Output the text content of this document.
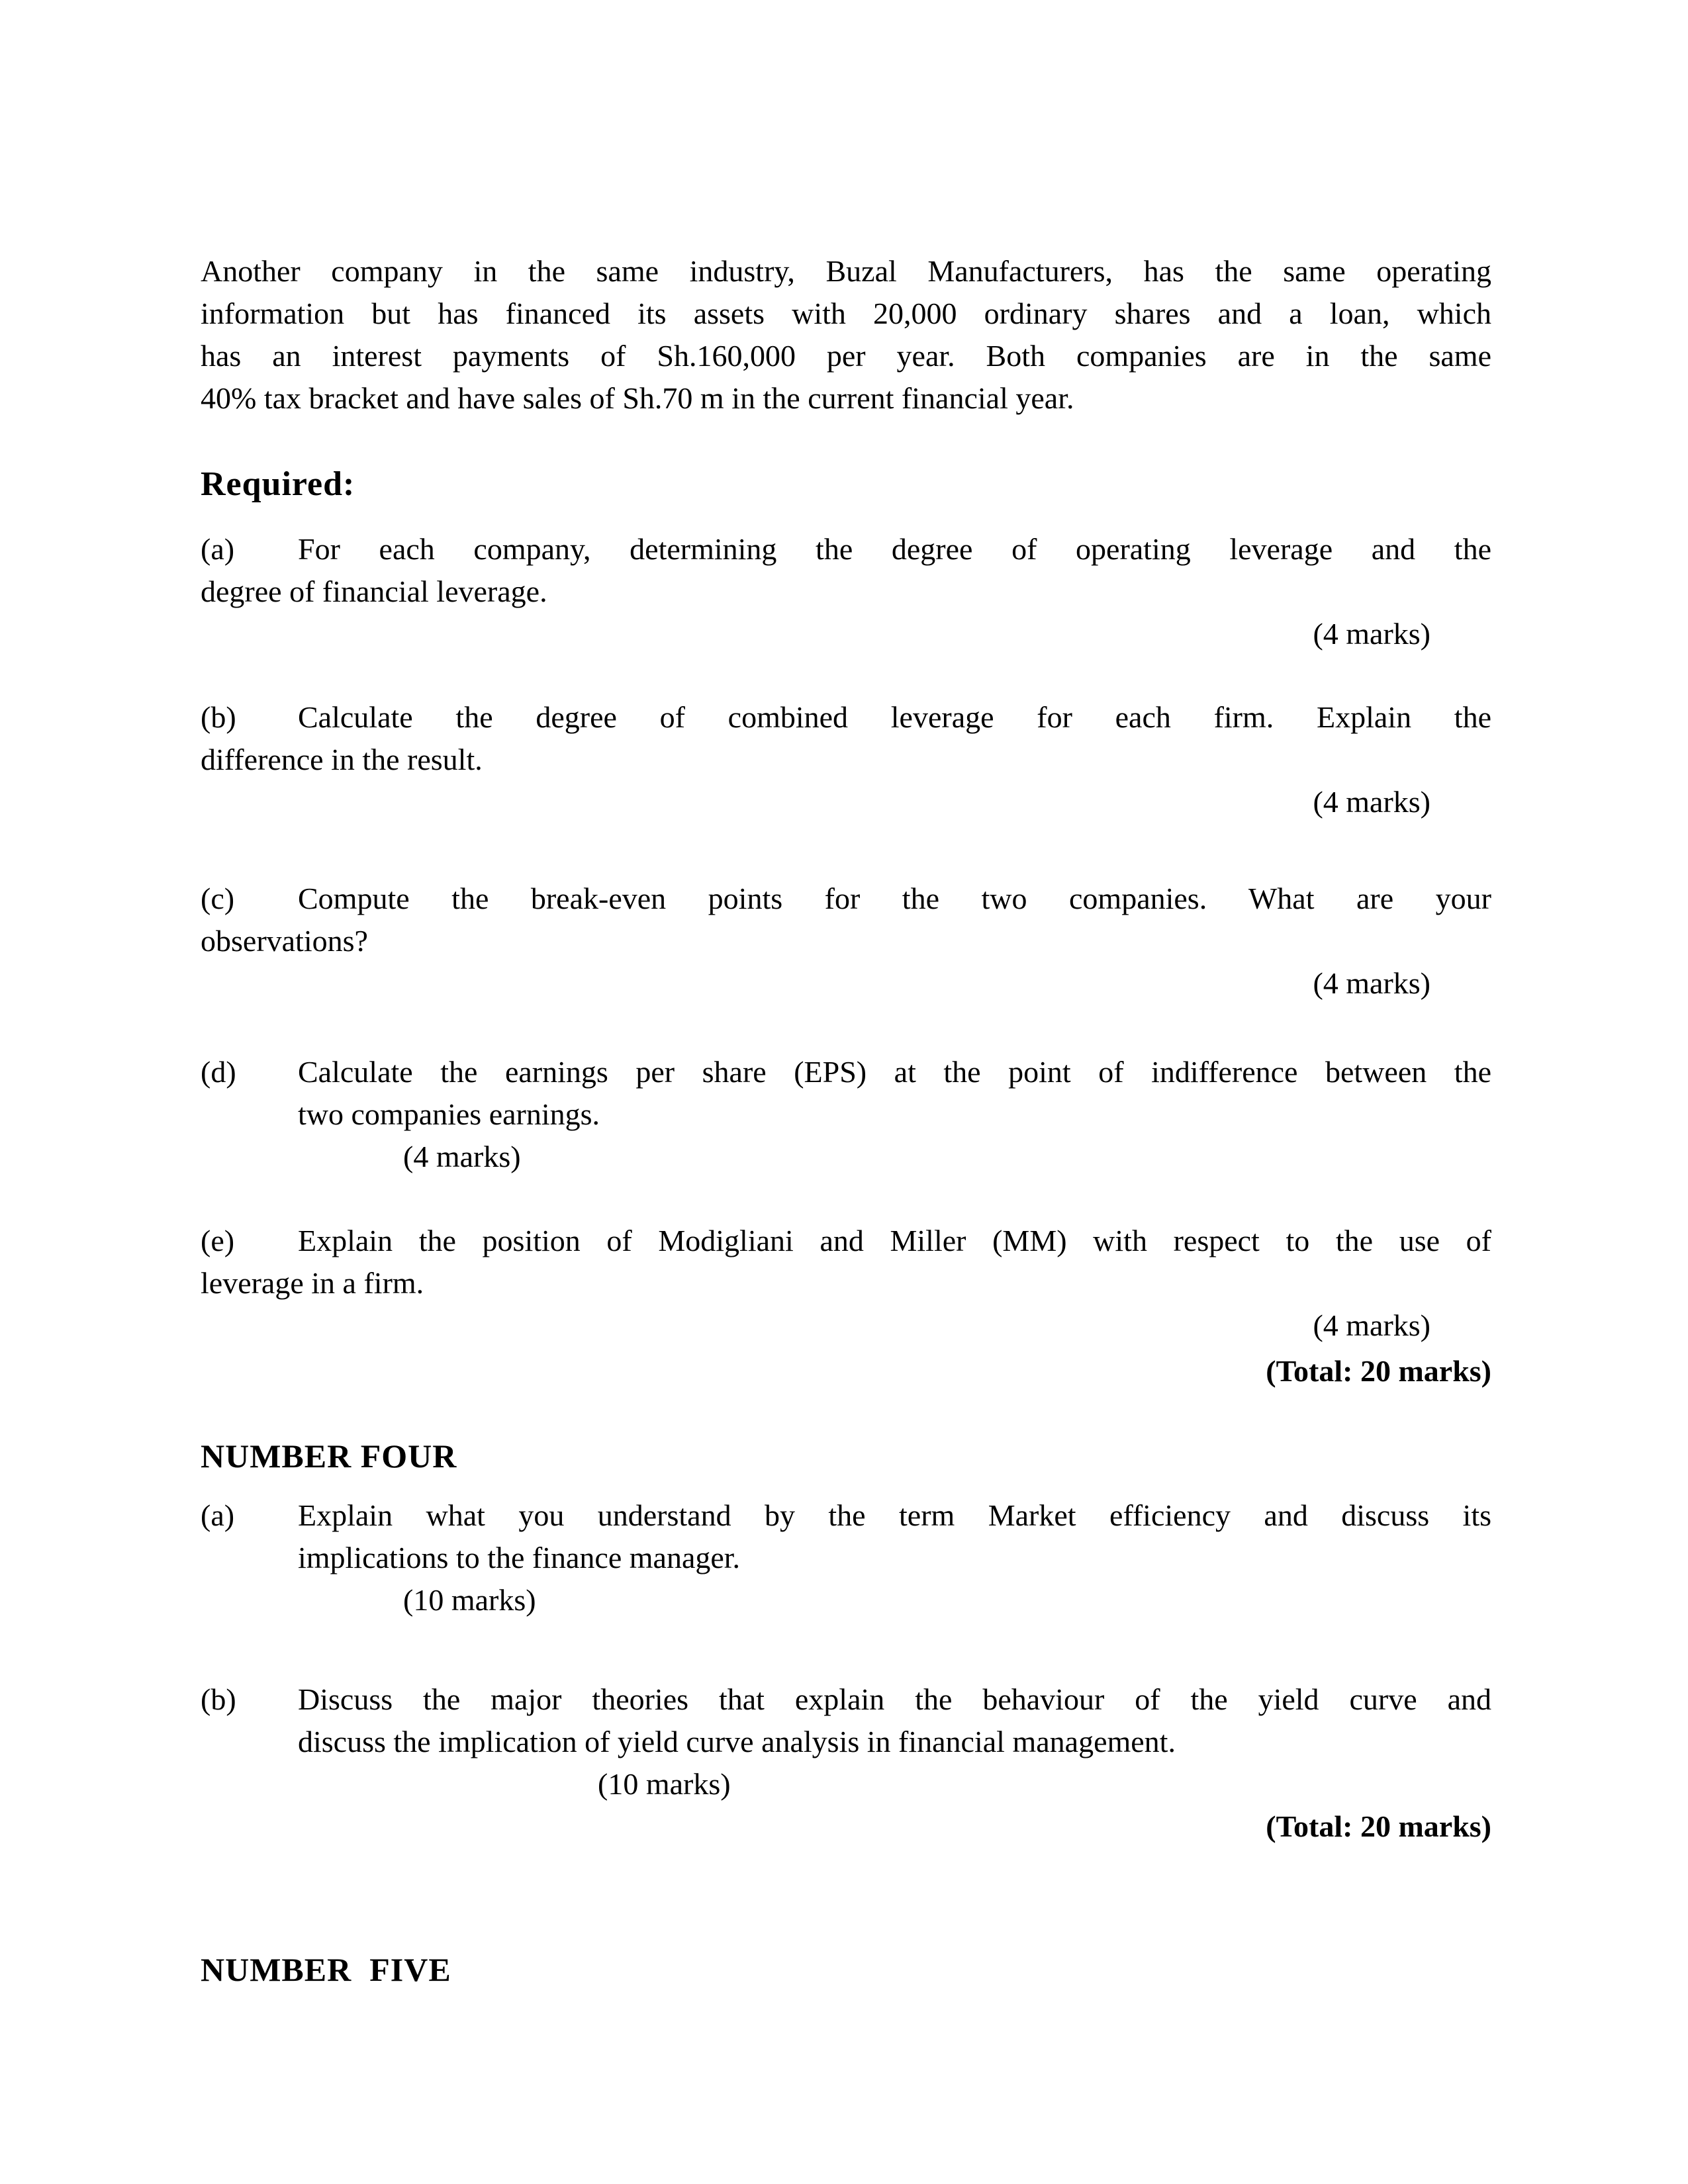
Another company in the same industry, Buzal Manufacturers, has the same operating
information but has financed its assets with 20,000 ordinary shares and a loan, which
has an interest payments of Sh.160,000 per year. Both companies are in the same
40% tax bracket and have sales of Sh.70 m in the current financial year.
Required:
(a) For each company, determining the degree of operating leverage and the
degree of financial leverage.
(4 marks)
(b) Calculate the degree of combined leverage for each firm. Explain the
difference in the result.
(4 marks)
(c) Compute the break-even points for the two companies. What are your
observations?
(4 marks)
(d) Calculate the earnings per share (EPS) at the point of indifference between the
two companies earnings.
(4 marks)
(e) Explain the position of Modigliani and Miller (MM) with respect to the use of
leverage in a firm.
(4 marks)
(Total: 20 marks)
NUMBER FOUR
(a) Explain what you understand by the term Market efficiency and discuss its
implications to the finance manager.
(10 marks)
(b) Discuss the major theories that explain the behaviour of the yield curve and
discuss the implication of yield curve analysis in financial management.
(10 marks)
(Total: 20 marks)
NUMBER  FIVE
